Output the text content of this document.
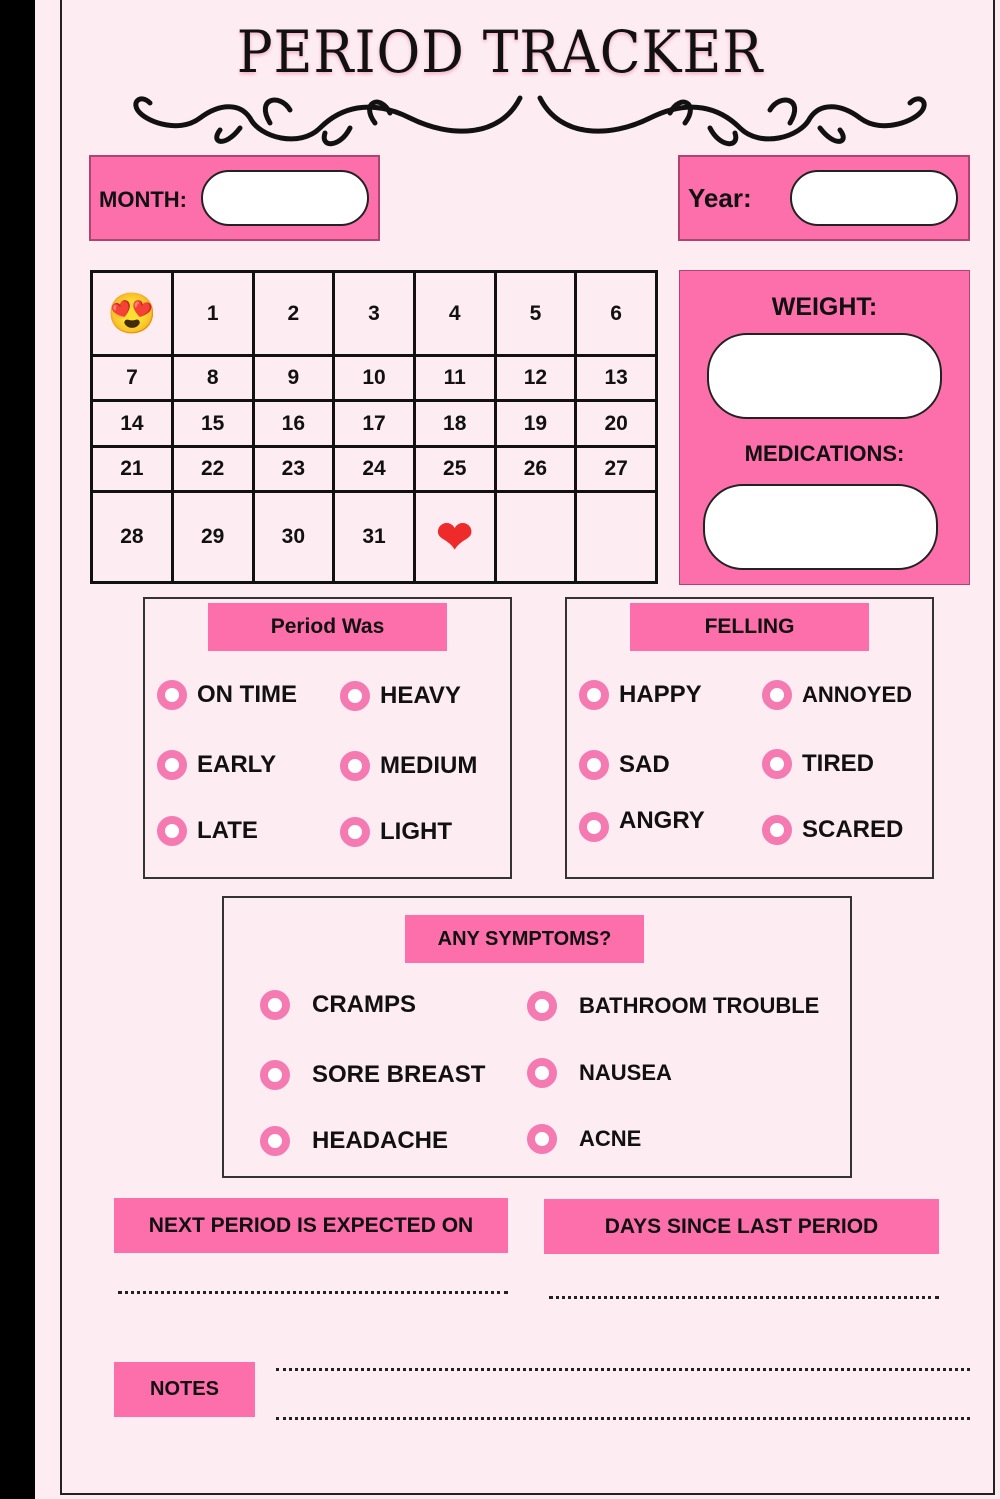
PERIOD TRACKER
MONTH:	Year:
😍	1	2	3	4	5	6
7	8	9	10	11	12	13
14	15	16	17	18	19	20
21	22	23	24	25	26	27
28	29	30	31	❤		
WEIGHT:
MEDICATIONS:
Period Was
ON TIME	HEAVY
EARLY	MEDIUM
LATE	LIGHT
FELLING
HAPPY	ANNOYED
SAD	TIRED
ANGRY	SCARED
ANY SYMPTOMS?
CRAMPS	BATHROOM TROUBLE
SORE BREAST	NAUSEA
HEADACHE	ACNE
NEXT PERIOD IS EXPECTED ON	DAYS SINCE LAST PERIOD
NOTES
